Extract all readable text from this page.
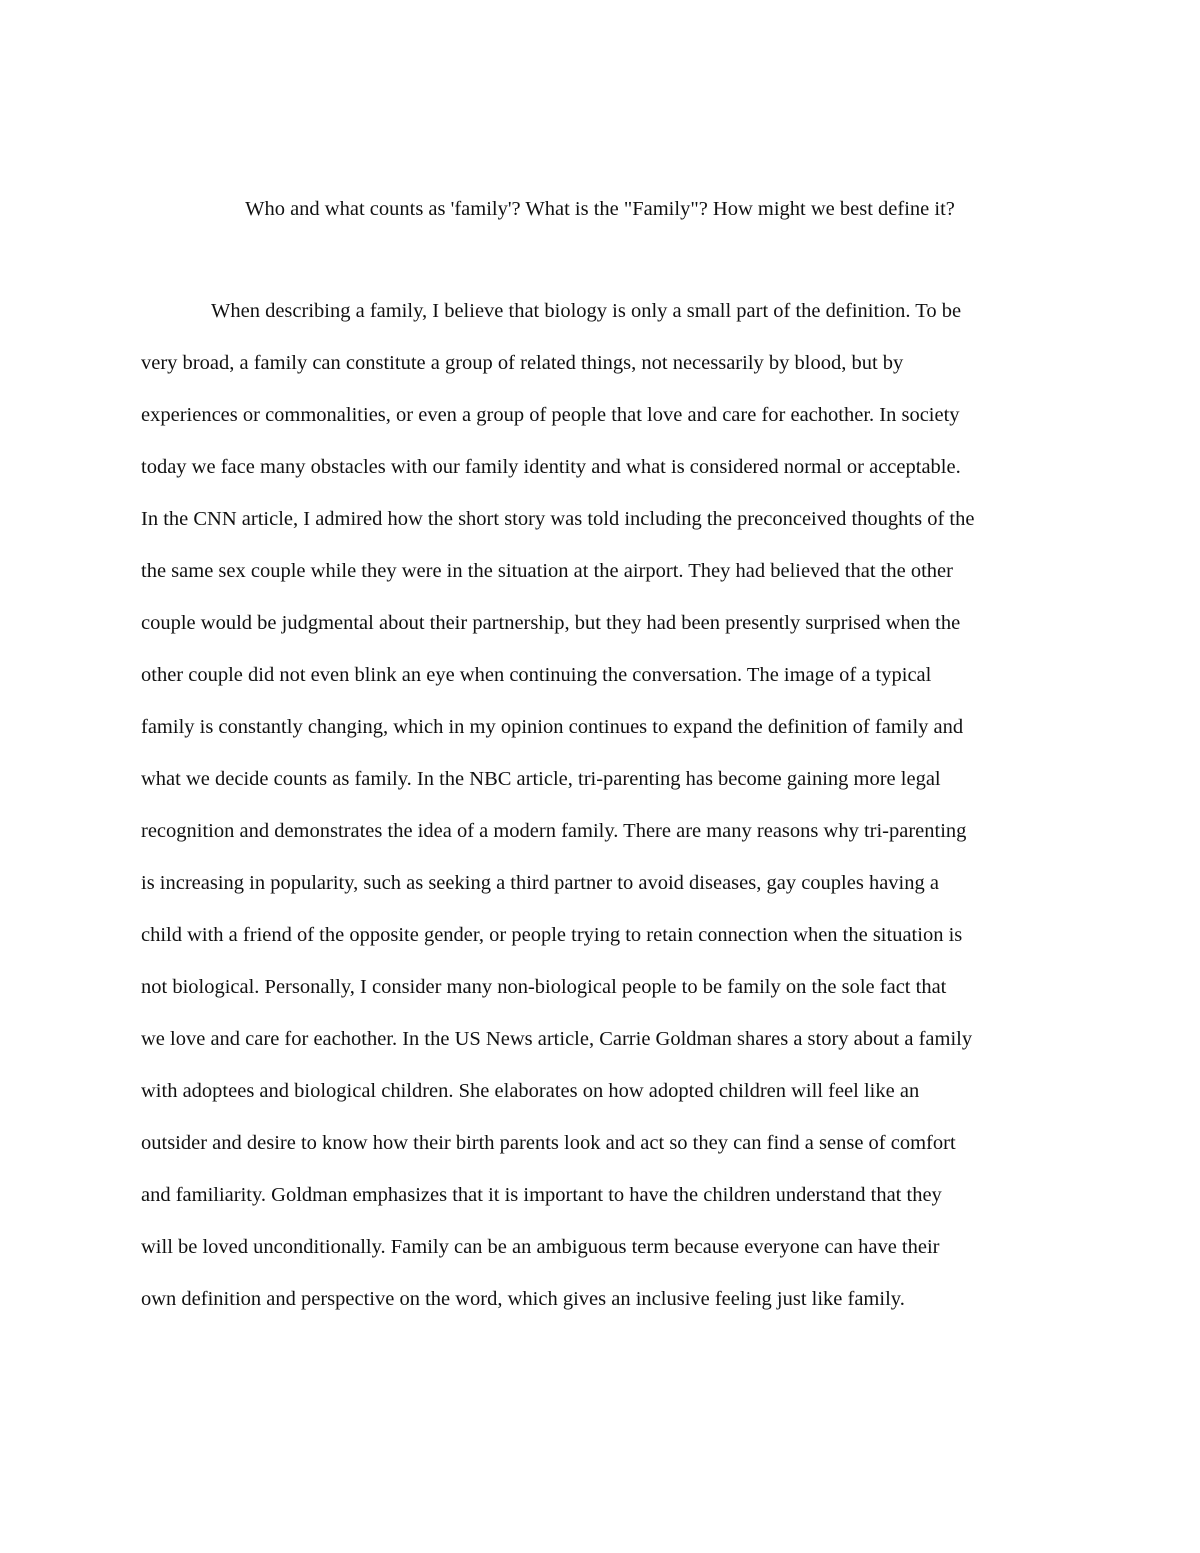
Who and what counts as 'family'? What is the "Family"? How might we best define it?
When describing a family, I believe that biology is only a small part of the definition. To be
very broad, a family can constitute a group of related things, not necessarily by blood, but by
experiences or commonalities, or even a group of people that love and care for eachother. In society
today we face many obstacles with our family identity and what is considered normal or acceptable.
In the CNN article, I admired how the short story was told including the preconceived thoughts of the
the same sex couple while they were in the situation at the airport. They had believed that the other
couple would be judgmental about their partnership, but they had been presently surprised when the
other couple did not even blink an eye when continuing the conversation. The image of a typical
family is constantly changing, which in my opinion continues to expand the definition of family and
what we decide counts as family. In the NBC article, tri-parenting has become gaining more legal
recognition and demonstrates the idea of a modern family. There are many reasons why tri-parenting
is increasing in popularity, such as seeking a third partner to avoid diseases, gay couples having a
child with a friend of the opposite gender, or people trying to retain connection when the situation is
not biological. Personally, I consider many non-biological people to be family on the sole fact that
we love and care for eachother. In the US News article, Carrie Goldman shares a story about a family
with adoptees and biological children. She elaborates on how adopted children will feel like an
outsider and desire to know how their birth parents look and act so they can find a sense of comfort
and familiarity. Goldman emphasizes that it is important to have the children understand that they
will be loved unconditionally. Family can be an ambiguous term because everyone can have their
own definition and perspective on the word, which gives an inclusive feeling just like family.
